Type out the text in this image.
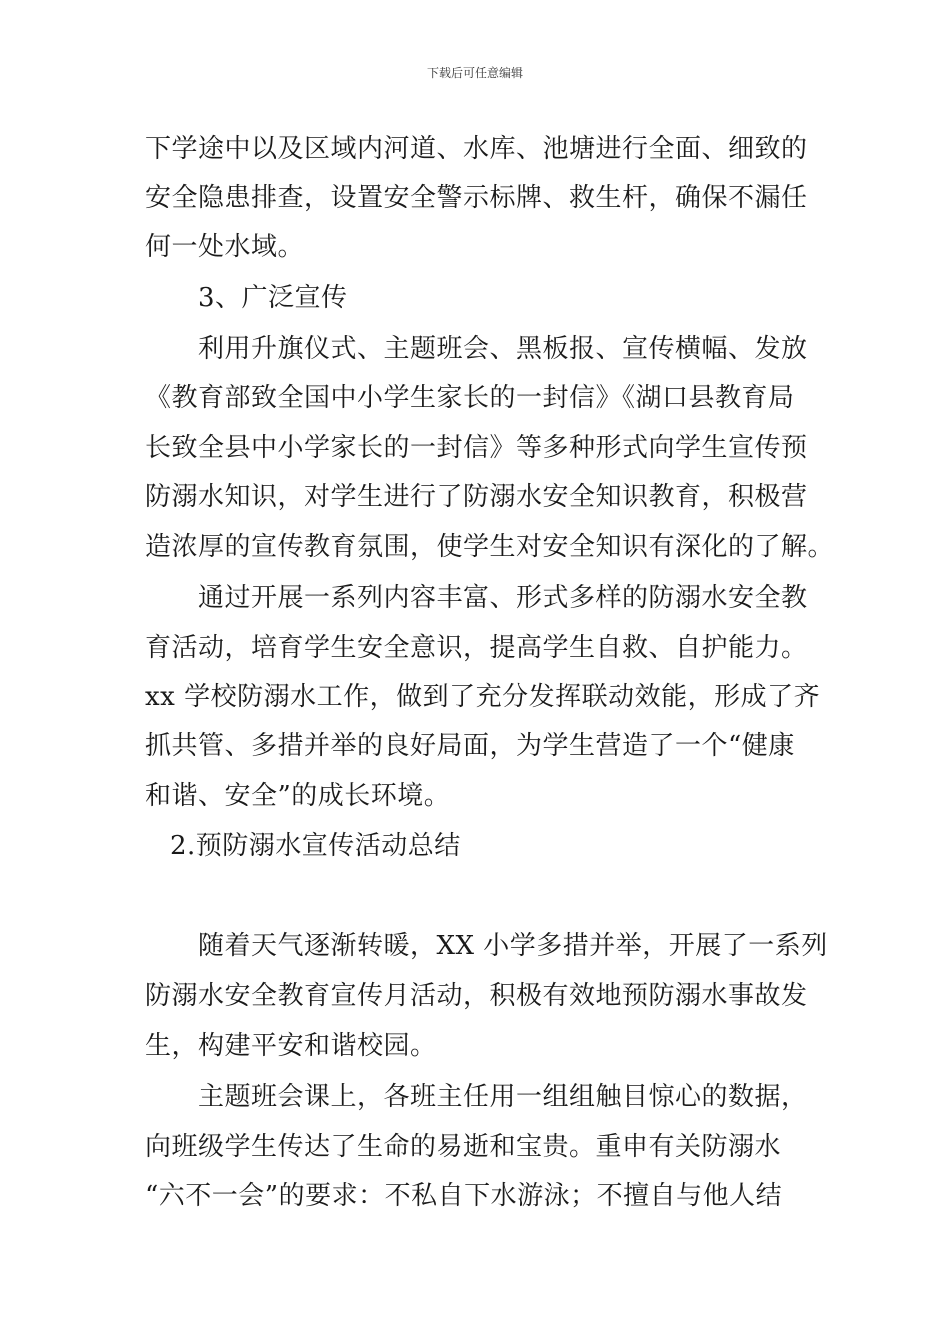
下载后可任意编辑
下学途中以及区域内河道、水库、池塘进行全面、细致的
安全隐患排查，设置安全警示标牌、救生杆，确保不漏任
何一处水域。
3、广泛宣传
利用升旗仪式、主题班会、黑板报、宣传横幅、发放
《教育部致全国中小学生家长的一封信》《湖口县教育局
长致全县中小学家长的一封信》等多种形式向学生宣传预
防溺水知识，对学生进行了防溺水安全知识教育，积极营
造浓厚的宣传教育氛围，使学生对安全知识有深化的了解。
通过开展一系列内容丰富、形式多样的防溺水安全教
育活动，培育学生安全意识，提高学生自救、自护能力。
xx 学校防溺水工作，做到了充分发挥联动效能，形成了齐
抓共管、多措并举的良好局面，为学生营造了一个“健康
和谐、安全”的成长环境。
2.预防溺水宣传活动总结
随着天气逐渐转暖，XX 小学多措并举，开展了一系列
防溺水安全教育宣传月活动，积极有效地预防溺水事故发
生，构建平安和谐校园。
主题班会课上，各班主任用一组组触目惊心的数据，
向班级学生传达了生命的易逝和宝贵。重申有关防溺水
“六不一会”的要求：不私自下水游泳；不擅自与他人结
